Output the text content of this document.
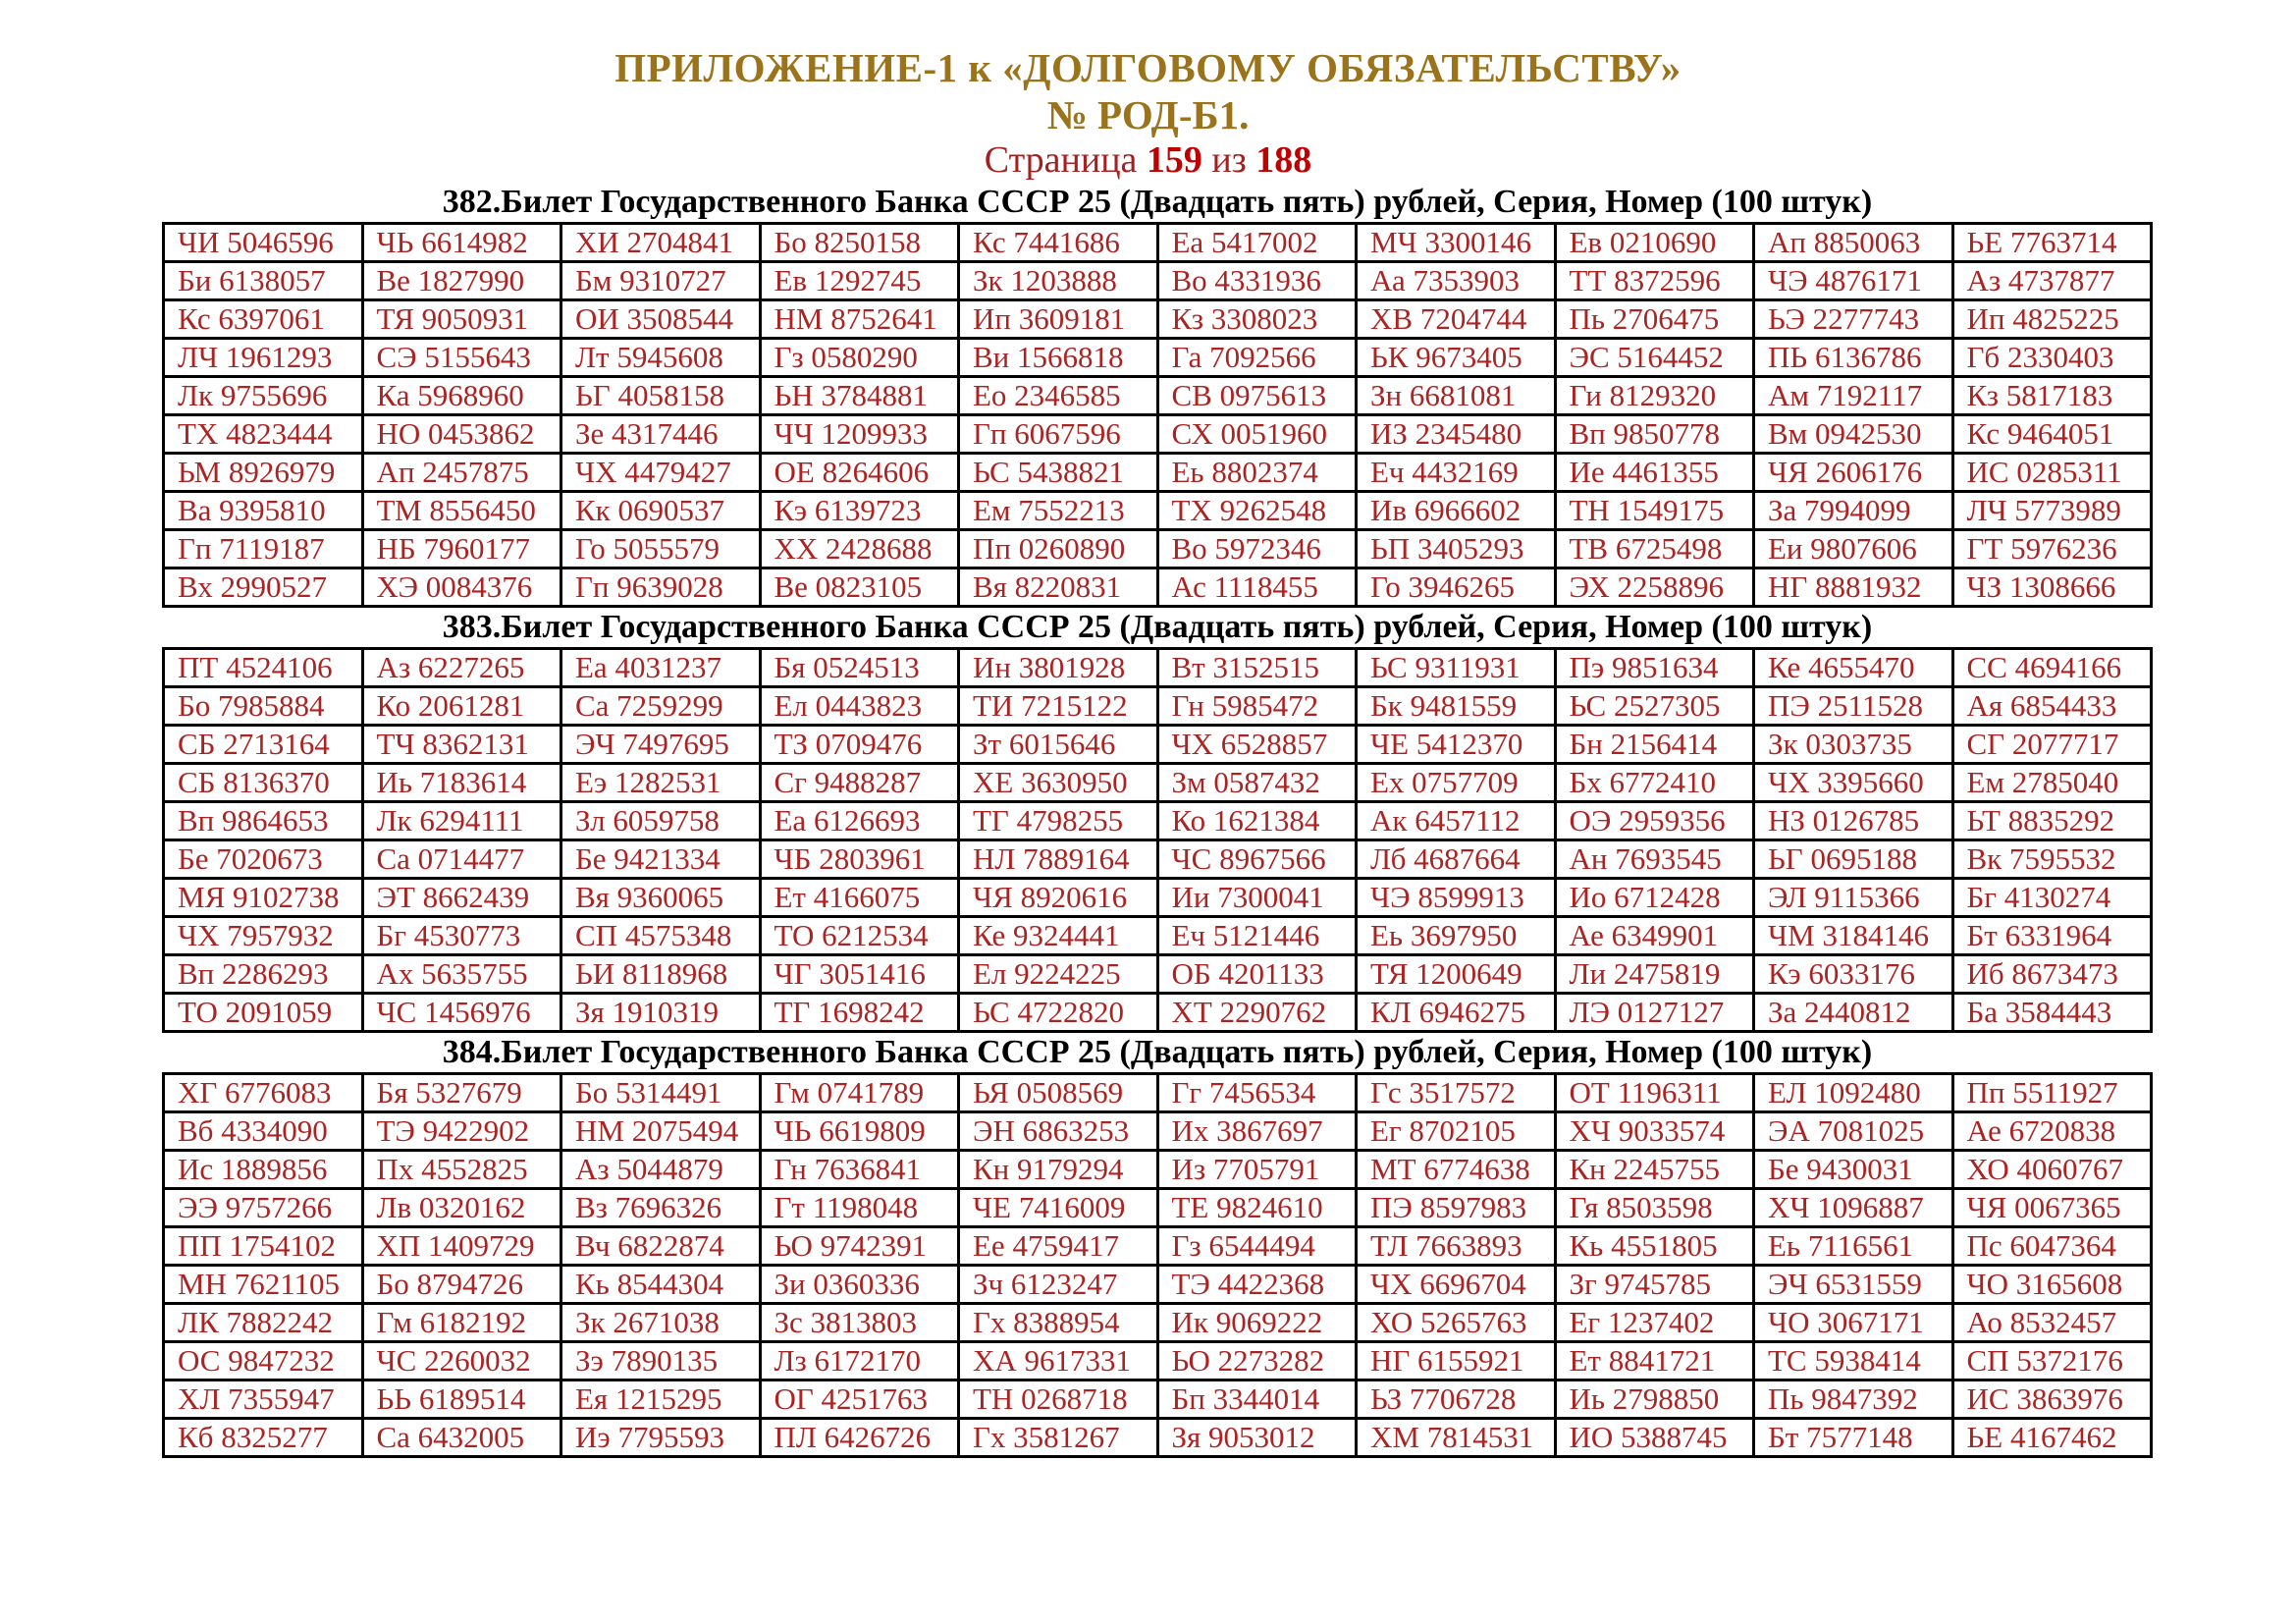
ПРИЛОЖЕНИЕ-1 к «ДОЛГОВОМУ ОБЯЗАТЕЛЬСТВУ»
№ РОД-Б1.
Страница 159 из 188
382.Билет Государственного Банка СССР 25 (Двадцать пять) рублей, Серия, Номер (100 штук)
ЧИ 5046596	ЧЬ 6614982	ХИ 2704841	Бо 8250158	Кс 7441686	Еа 5417002	МЧ 3300146	Ев 0210690	Ап 8850063	ЬЕ 7763714
Би 6138057	Ве 1827990	Бм 9310727	Ев 1292745	Зк 1203888	Во 4331936	Аа 7353903	ТТ 8372596	ЧЭ 4876171	Аз 4737877
Кс 6397061	ТЯ 9050931	ОИ 3508544	НМ 8752641	Ип 3609181	Кз 3308023	ХВ 7204744	Пь 2706475	ЬЭ 2277743	Ип 4825225
ЛЧ 1961293	СЭ 5155643	Лт 5945608	Гз 0580290	Ви 1566818	Га 7092566	ЬК 9673405	ЭС 5164452	ПЬ 6136786	Гб 2330403
Лк 9755696	Ка 5968960	ЬГ 4058158	ЬН 3784881	Ео 2346585	СВ 0975613	Зн 6681081	Ги 8129320	Ам 7192117	Кз 5817183
ТХ 4823444	НО 0453862	Зе 4317446	ЧЧ 1209933	Гп 6067596	СХ 0051960	ИЗ 2345480	Вп 9850778	Вм 0942530	Кс 9464051
ЬМ 8926979	Ап 2457875	ЧХ 4479427	ОЕ 8264606	ЬС 5438821	Еь 8802374	Еч 4432169	Ие 4461355	ЧЯ 2606176	ИС 0285311
Ва 9395810	ТМ 8556450	Кк 0690537	Кэ 6139723	Ем 7552213	ТХ 9262548	Ив 6966602	ТН 1549175	За 7994099	ЛЧ 5773989
Гп 7119187	НБ 7960177	Го 5055579	ХХ 2428688	Пп 0260890	Во 5972346	ЬП 3405293	ТВ 6725498	Еи 9807606	ГТ 5976236
Вх 2990527	ХЭ 0084376	Гп 9639028	Ве 0823105	Вя 8220831	Ас 1118455	Го 3946265	ЭХ 2258896	НГ 8881932	ЧЗ 1308666
383.Билет Государственного Банка СССР 25 (Двадцать пять) рублей, Серия, Номер (100 штук)
ПТ 4524106	Аз 6227265	Еа 4031237	Бя 0524513	Ин 3801928	Вт 3152515	ЬС 9311931	Пэ 9851634	Ке 4655470	СС 4694166
Бо 7985884	Ко 2061281	Са 7259299	Ел 0443823	ТИ 7215122	Гн 5985472	Бк 9481559	ЬС 2527305	ПЭ 2511528	Ая 6854433
СБ 2713164	ТЧ 8362131	ЭЧ 7497695	ТЗ 0709476	Зт 6015646	ЧХ 6528857	ЧЕ 5412370	Бн 2156414	Зк 0303735	СГ 2077717
СБ 8136370	Иь 7183614	Еэ 1282531	Сг 9488287	ХЕ 3630950	Зм 0587432	Ех 0757709	Бх 6772410	ЧХ 3395660	Ем 2785040
Вп 9864653	Лк 6294111	Зл 6059758	Еа 6126693	ТГ 4798255	Ко 1621384	Ак 6457112	ОЭ 2959356	НЗ 0126785	ЬТ 8835292
Бе 7020673	Са 0714477	Бе 9421334	ЧБ 2803961	НЛ 7889164	ЧС 8967566	Лб 4687664	Ан 7693545	ЬГ 0695188	Вк 7595532
МЯ 9102738	ЭТ 8662439	Вя 9360065	Ет 4166075	ЧЯ 8920616	Ии 7300041	ЧЭ 8599913	Ио 6712428	ЭЛ 9115366	Бг 4130274
ЧХ 7957932	Бг 4530773	СП 4575348	ТО 6212534	Ке 9324441	Еч 5121446	Еь 3697950	Ае 6349901	ЧМ 3184146	Бт 6331964
Вп 2286293	Ах 5635755	ЬИ 8118968	ЧГ 3051416	Ел 9224225	ОБ 4201133	ТЯ 1200649	Ли 2475819	Кэ 6033176	Иб 8673473
ТО 2091059	ЧС 1456976	Зя 1910319	ТГ 1698242	ЬС 4722820	ХТ 2290762	КЛ 6946275	ЛЭ 0127127	За 2440812	Ба 3584443
384.Билет Государственного Банка СССР 25 (Двадцать пять) рублей, Серия, Номер (100 штук)
ХГ 6776083	Бя 5327679	Бо 5314491	Гм 0741789	ЬЯ 0508569	Гг 7456534	Гс 3517572	ОТ 1196311	ЕЛ 1092480	Пп 5511927
Вб 4334090	ТЭ 9422902	НМ 2075494	ЧЬ 6619809	ЭН 6863253	Их 3867697	Ег 8702105	ХЧ 9033574	ЭА 7081025	Ае 6720838
Ис 1889856	Пх 4552825	Аз 5044879	Гн 7636841	Кн 9179294	Из 7705791	МТ 6774638	Кн 2245755	Бе 9430031	ХО 4060767
ЭЭ 9757266	Лв 0320162	Вз 7696326	Гт 1198048	ЧЕ 7416009	ТЕ 9824610	ПЭ 8597983	Гя 8503598	ХЧ 1096887	ЧЯ 0067365
ПП 1754102	ХП 1409729	Вч 6822874	ЬО 9742391	Ее 4759417	Гз 6544494	ТЛ 7663893	Кь 4551805	Еь 7116561	Пс 6047364
МН 7621105	Бо 8794726	Кь 8544304	Зи 0360336	Зч 6123247	ТЭ 4422368	ЧХ 6696704	Зг 9745785	ЭЧ 6531559	ЧО 3165608
ЛК 7882242	Гм 6182192	Зк 2671038	Зс 3813803	Гх 8388954	Ик 9069222	ХО 5265763	Ег 1237402	ЧО 3067171	Ао 8532457
ОС 9847232	ЧС 2260032	Зэ 7890135	Лз 6172170	ХА 9617331	ЬО 2273282	НГ 6155921	Ет 8841721	ТС 5938414	СП 5372176
ХЛ 7355947	ЬЬ 6189514	Ея 1215295	ОГ 4251763	ТН 0268718	Бп 3344014	ЬЗ 7706728	Иь 2798850	Пь 9847392	ИС 3863976
Кб 8325277	Са 6432005	Иэ 7795593	ПЛ 6426726	Гх 3581267	Зя 9053012	ХМ 7814531	ИО 5388745	Бт 7577148	ЬЕ 4167462
